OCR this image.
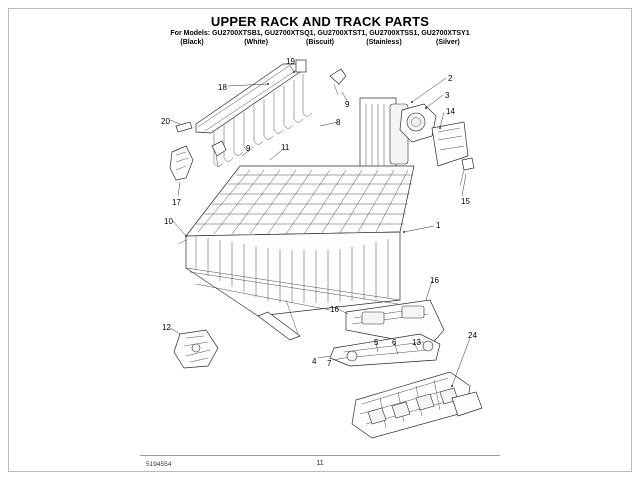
UPPER RACK AND TRACK PARTS
For Models: GU2700XTSB1, GU2700XTSQ1, GU2700XTST1, GU2700XTSS1, GU2700XTSY1
(Black)	(White)	(Biscuit)	(Stainless)	(Silver)
19
18
9
2
3
14
20	8
11
9
15
17
10	1
16
16
12
5 6 13
24
4 7
5194554	11
